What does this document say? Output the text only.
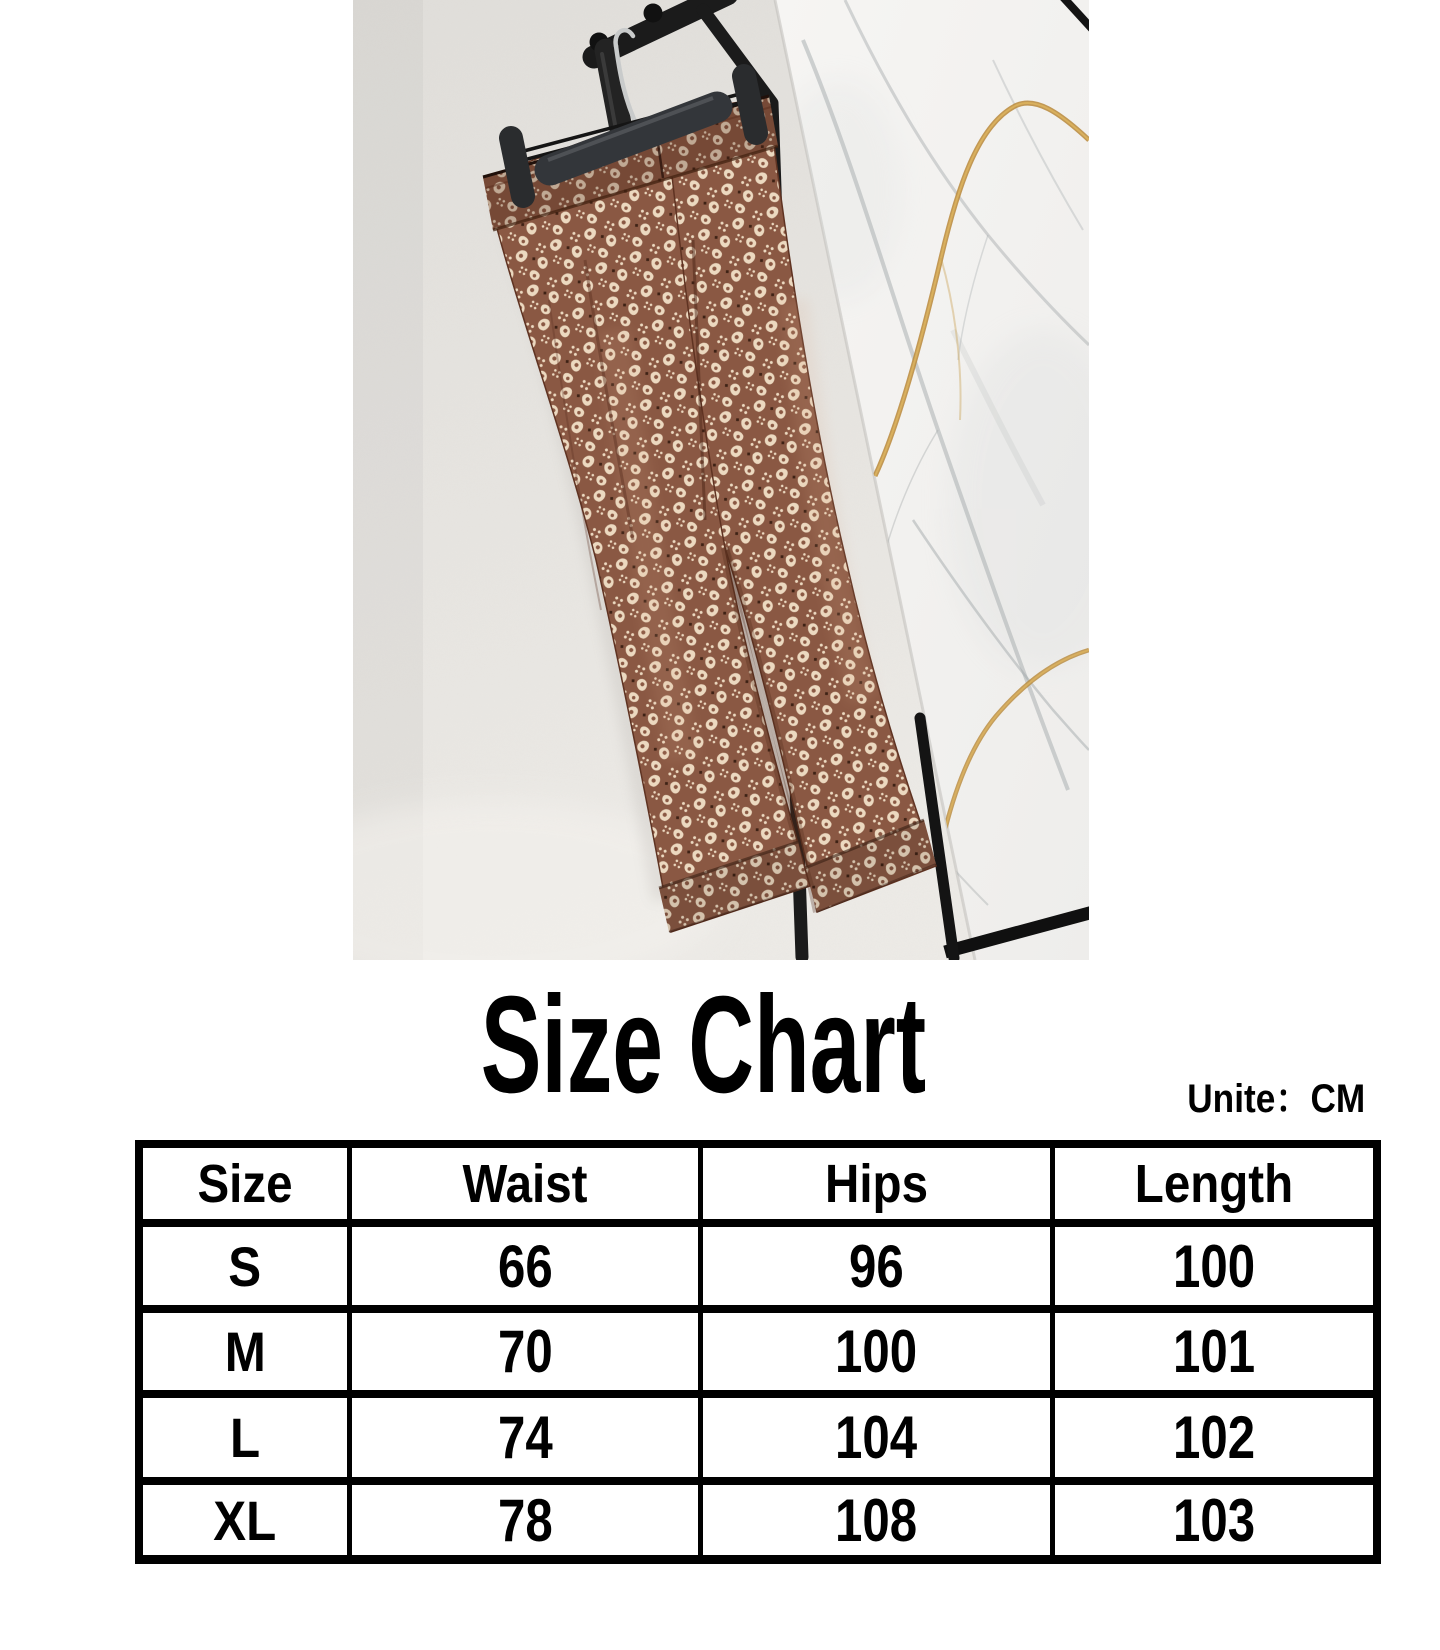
Size Chart	Unite：CM
Size	Waist	Hips	Length
S	66	96	100
M	70	100	101
L	74	104	102
XL	78	108	103
